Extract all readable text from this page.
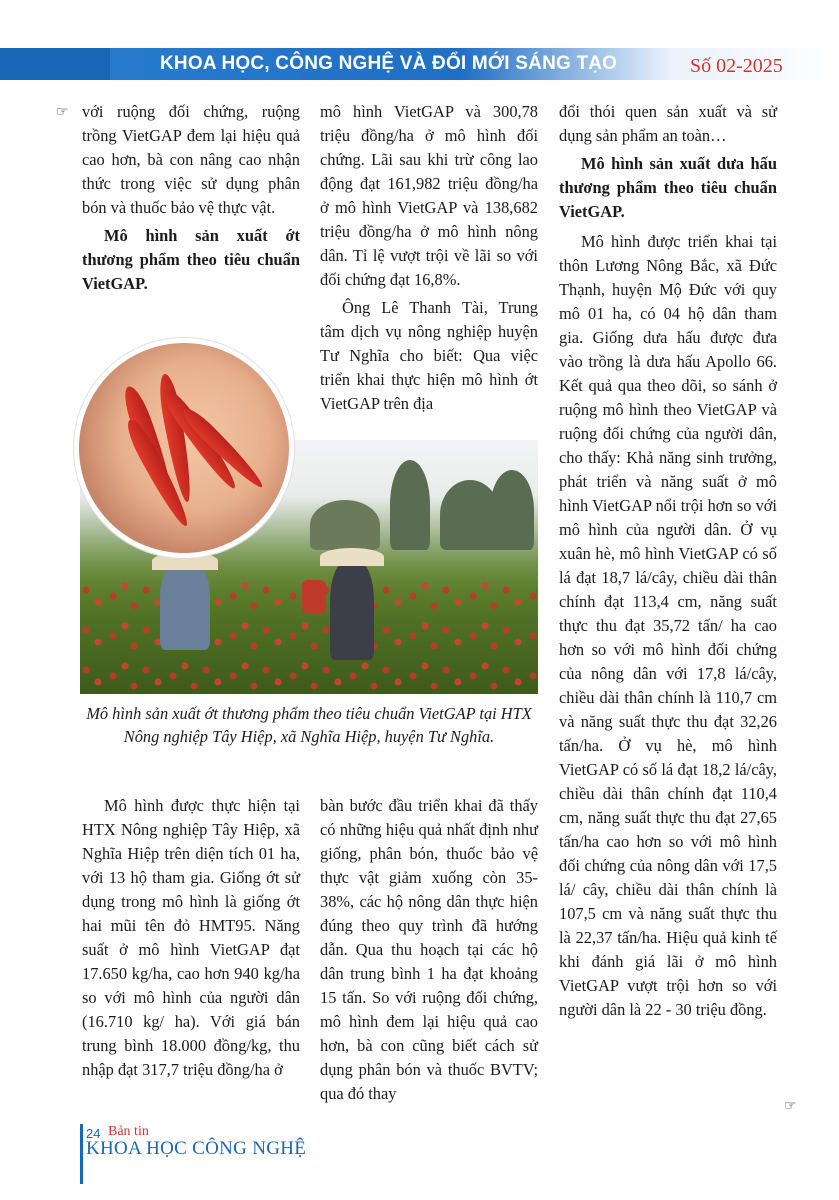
KHOA HỌC, CÔNG NGHỆ VÀ ĐỔI MỚI SÁNG TẠO	Số 02-2025
☞ với ruộng đối chứng, ruộng trồng VietGAP đem lại hiệu quả cao hơn, bà con nâng cao nhận thức trong việc sử dụng phân bón và thuốc bảo vệ thực vật.

Mô hình sản xuất ớt thương phẩm theo tiêu chuẩn VietGAP.

mô hình VietGAP và 300,78 triệu đồng/ha ở mô hình đối chứng. Lãi sau khi trừ công lao động đạt 161,982 triệu đồng/ha ở mô hình VietGAP và 138,682 triệu đồng/ha ở mô hình nông dân. Tỉ lệ vượt trội về lãi so với đối chứng đạt 16,8%.

Ông Lê Thanh Tài, Trung tâm dịch vụ nông nghiệp huyện Tư Nghĩa cho biết: Qua việc triển khai thực hiện mô hình ớt VietGAP trên địa

Mô hình sản xuất ớt thương phẩm theo tiêu chuẩn VietGAP tại HTX Nông nghiệp Tây Hiệp, xã Nghĩa Hiệp, huyện Tư Nghĩa.

Mô hình được thực hiện tại HTX Nông nghiệp Tây Hiệp, xã Nghĩa Hiệp trên diện tích 01 ha, với 13 hộ tham gia. Giống ớt sử dụng trong mô hình là giống ớt hai mũi tên đỏ HMT95. Năng suất ở mô hình VietGAP đạt 17.650 kg/ha, cao hơn 940 kg/ha so với mô hình của người dân (16.710 kg/ ha). Với giá bán trung bình 18.000 đồng/kg, thu nhập đạt 317,7 triệu đồng/ha ở

bàn bước đầu triển khai đã thấy có những hiệu quả nhất định như giống, phân bón, thuốc bảo vệ thực vật giảm xuống còn 35-38%, các hộ nông dân thực hiện đúng theo quy trình đã hướng dẫn. Qua thu hoạch tại các hộ dân trung bình 1 ha đạt khoảng 15 tấn. So với ruộng đối chứng, mô hình đem lại hiệu quả cao hơn, bà con cũng biết cách sử dụng phân bón và thuốc BVTV; qua đó thay

đổi thói quen sản xuất và sử dụng sản phẩm an toàn…

Mô hình sản xuất dưa hấu thương phẩm theo tiêu chuẩn VietGAP.

Mô hình được triển khai tại thôn Lương Nông Bắc, xã Đức Thạnh, huyện Mộ Đức với quy mô 01 ha, có 04 hộ dân tham gia. Giống dưa hấu được đưa vào trồng là dưa hấu Apollo 66. Kết quả qua theo dõi, so sánh ở ruộng mô hình theo VietGAP và ruộng đối chứng của người dân, cho thấy: Khả năng sinh trưởng, phát triển và năng suất ở mô hình VietGAP nổi trội hơn so với mô hình của người dân. Ở vụ xuân hè, mô hình VietGAP có số lá đạt 18,7 lá/cây, chiều dài thân chính đạt 113,4 cm, năng suất thực thu đạt 35,72 tấn/ ha cao hơn so với mô hình đối chứng của nông dân với 17,8 lá/cây, chiều dài thân chính là 110,7 cm và năng suất thực thu đạt 32,26 tấn/ha. Ở vụ hè, mô hình VietGAP có số lá đạt 18,2 lá/cây, chiều dài thân chính đạt 110,4 cm, năng suất thực thu đạt 27,65 tấn/ha cao hơn so với mô hình đối chứng của nông dân với 17,5 lá/ cây, chiều dài thân chính là 107,5 cm và năng suất thực thu là 22,37 tấn/ha. Hiệu quả kinh tế khi đánh giá lãi ở mô hình VietGAP vượt trội hơn so với người dân là 22 - 30 triệu đồng.

☞
24 Bản tin
KHOA HỌC CÔNG NGHỆ
